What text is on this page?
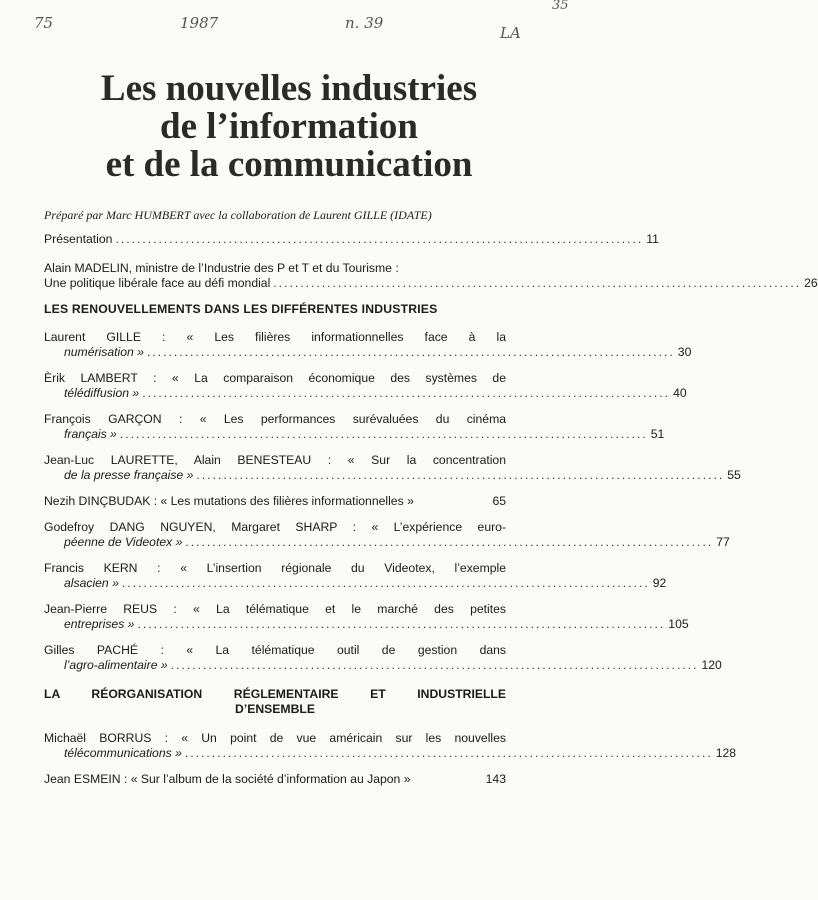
75	1987	n. 39
LA
35
Les nouvelles industries
de l’information
et de la communication
Préparé par Marc HUMBERT avec la collaboration de Laurent GILLE (IDATE)
Présentation .................................................................................................. 11
Alain MADELIN, ministre de l’Industrie des P et T et du Tourisme :
Une politique libérale face au défi mondial .................................................................................................. 26
LES RENOUVELLEMENTS DANS LES DIFFÉRENTES INDUSTRIES
Laurent GILLE : « Les filières informationnelles face à la
numérisation » .................................................................................................. 30
Èrik LAMBERT : « La comparaison économique des systèmes de
télédiffusion » .................................................................................................. 40
François GARÇON : « Les performances surévaluées du cinéma
français » .................................................................................................. 51
Jean-Luc LAURETTE, Alain BENESTEAU : « Sur la concentration
de la presse française » .................................................................................................. 55
Nezih DINÇBUDAK : « Les mutations des filières informationnelles »	65
Godefroy DANG NGUYEN, Margaret SHARP : « L’expérience euro-
péenne de Videotex » .................................................................................................. 77
Francis KERN : « L’insertion régionale du Videotex, l’exemple
alsacien » .................................................................................................. 92
Jean-Pierre REUS : « La télématique et le marché des petites
entreprises » .................................................................................................. 105
Gilles PACHÉ : « La télématique outil de gestion dans
l’agro-alimentaire » .................................................................................................. 120
LA RÉORGANISATION RÉGLEMENTAIRE ET INDUSTRIELLE
D’ENSEMBLE
Michaël BORRUS : « Un point de vue américain sur les nouvelles
télécommunications » .................................................................................................. 128
Jean ESMEIN : « Sur l’album de la société d’information au Japon »	143
